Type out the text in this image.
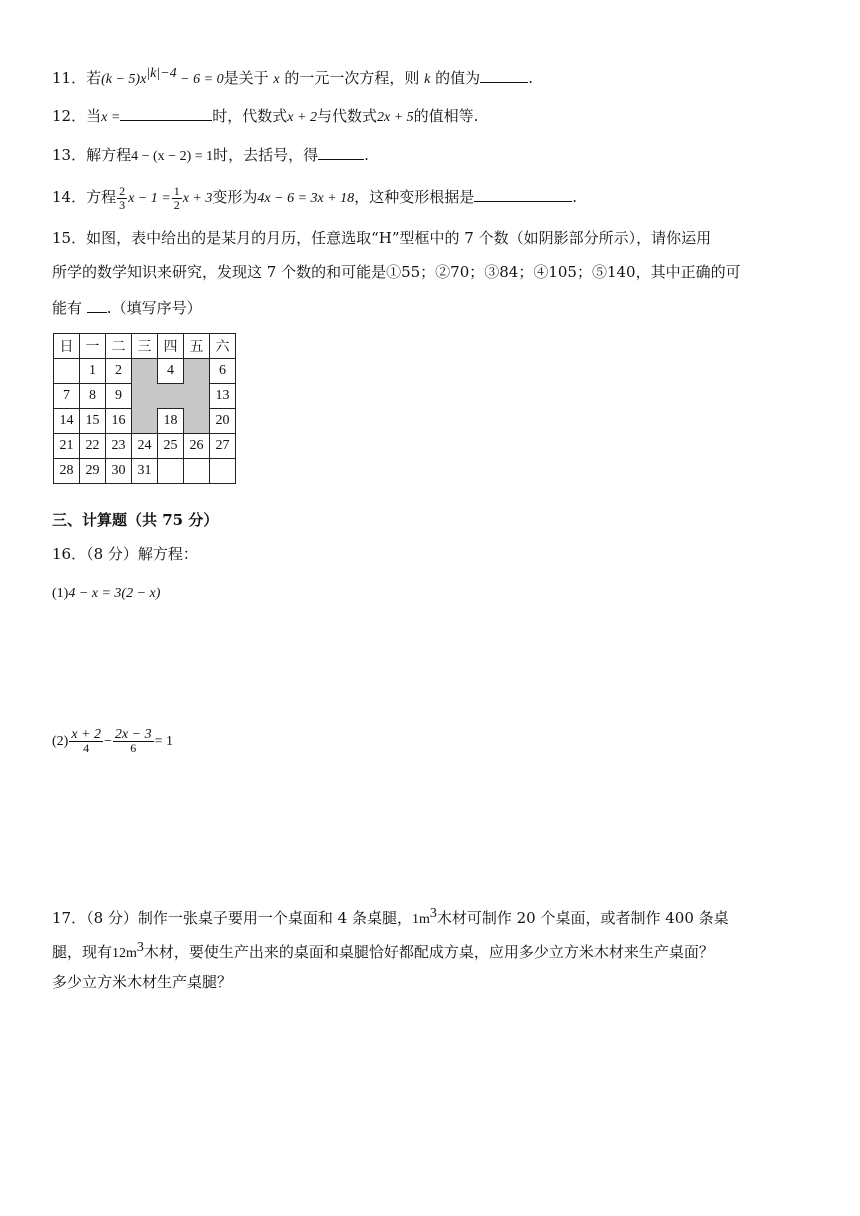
11．若$(k - 5)x^{|k|-4} - 6 = 0$是关于 x 的一元一次方程，则 k 的值为	.
12．当x =	时，代数式x + 2与代数式2x + 5的值相等.
13．解方程4 − (x − 2) = 1时，去括号，得	.
14．方程 $\frac{2}{3}$ $x - 1 = \frac{1}{2}$ x + 3变形为4x − 6 = 3x + 18，这种变形根据是	.
15．如图，表中给出的是某月的月历，任意选取“H”型框中的 7 个数（如阴影部分所示），请你运用
所学的数学知识来研究，发现这 7 个数的和可能是①55；②70；③84；④105；⑤140，其中正确的可
能有 .（填写序号）
日	一	二	三	四	五	六
	1	2		4		6
7	8	9				13
14	15	16		18		20
21	22	23	24	25	26	27
28	29	30	31			
三、计算题（共 75 分）
16．（8 分）解方程：
(1)4 − x = 3(2 − x)
$(2) \frac{x + 2}{4} - \frac{2x - 3}{6} = 1$
17．（8 分）制作一张桌子要用一个桌面和 4 条桌腿，$1m^3$木材可制作 20 个桌面，或者制作 400 条桌
腿，现有$12m^3$木材，要使生产出来的桌面和桌腿恰好都配成方桌，应用多少立方米木材来生产桌面？
多少立方米木材生产桌腿？
